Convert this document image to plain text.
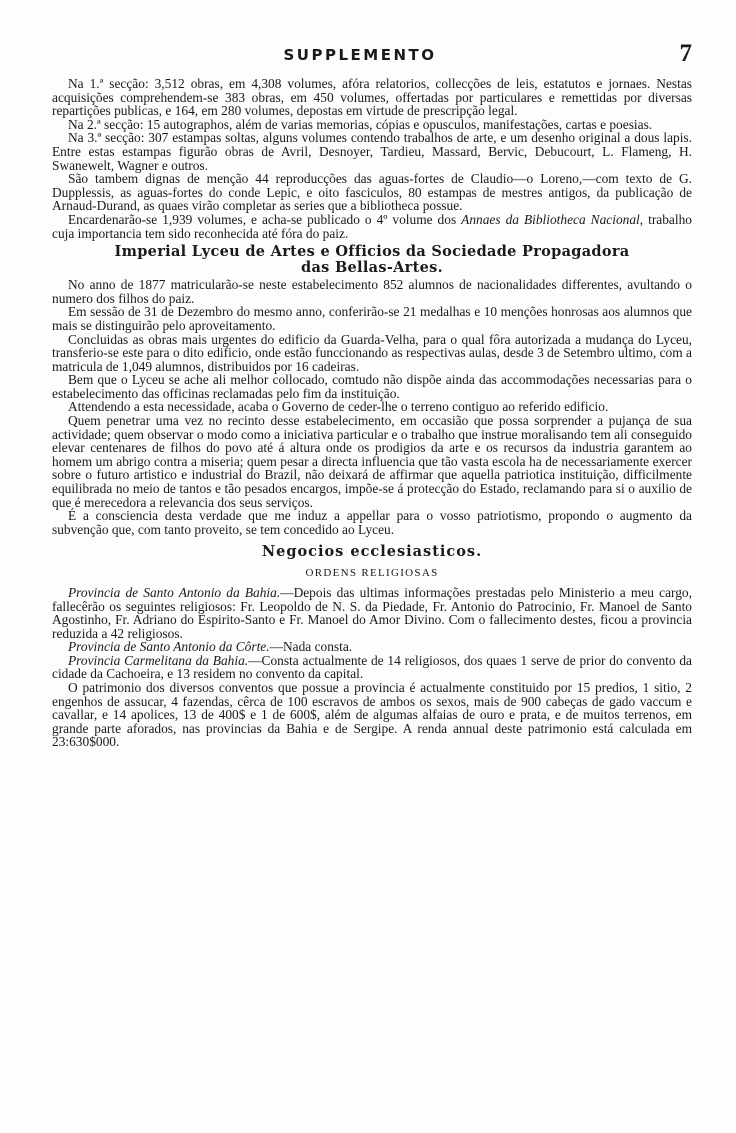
SUPPLEMENTO	7

Na 1.ª secção: 3,512 obras, em 4,308 volumes, afóra relatorios, collecções de leis, estatutos e jornaes. Nestas acquisições comprehendem-se 383 obras, em 450 volumes, offertadas por particulares e remettidas por diversas repartições publicas, e 164, em 280 volumes, depostas em virtude de prescripção legal.

Na 2.ª secção: 15 autographos, além de varias memorias, cópias e opusculos, manifestações, cartas e poesias.

Na 3.ª secção: 307 estampas soltas, alguns volumes contendo trabalhos de arte, e um desenho original a dous lapis. Entre estas estampas figurão obras de Avril, Desnoyer, Tardieu, Massard, Bervic, Debucourt, L. Flameng, H. Swanewelt, Wagner e outros.

São tambem dignas de menção 44 reproducções das aguas-fortes de Claudio—o Loreno,—com texto de G. Dupplessis, as aguas-fortes do conde Lepic, e oito fasciculos, 80 estampas de mestres antigos, da publicação de Arnaud-Durand, as quaes virão completar as series que a bibliotheca possue.

Encardenarão-se 1,939 volumes, e acha-se publicado o 4º volume dos Annaes da Bibliotheca Nacional, trabalho cuja importancia tem sido reconhecida até fóra do paiz.

Imperial Lyceu de Artes e Officios da Sociedade Propagadora
das Bellas-Artes.

No anno de 1877 matricularão-se neste estabelecimento 852 alumnos de nacionalidades differentes, avultando o numero dos filhos do paiz.

Em sessão de 31 de Dezembro do mesmo anno, conferirão-se 21 medalhas e 10 menções honrosas aos alumnos que mais se distinguirão pelo aproveitamento.

Concluidas as obras mais urgentes do edificio da Guarda-Velha, para o qual fôra autorizada a mudança do Lyceu, transferio-se este para o dito edificio, onde estão funccionando as respectivas aulas, desde 3 de Setembro ultimo, com a matricula de 1,049 alumnos, distribuidos por 16 cadeiras.

Bem que o Lyceu se ache ali melhor collocado, comtudo não dispõe ainda das accommodações necessarias para o estabelecimento das officinas reclamadas pelo fim da instituição.

Attendendo a esta necessidade, acaba o Governo de ceder-lhe o terreno contiguo ao referido edificio.

Quem penetrar uma vez no recinto desse estabelecimento, em occasião que possa sorprender a pujança de sua actividade; quem observar o modo como a iniciativa particular e o trabalho que instrue moralisando tem ali conseguido elevar centenares de filhos do povo até á altura onde os prodigios da arte e os recursos da industria garantem ao homem um abrigo contra a miseria; quem pesar a directa influencia que tão vasta escola ha de necessariamente exercer sobre o futuro artistico e industrial do Brazil, não deixará de affirmar que aquella patriotica instituição, difficilmente equilibrada no meio de tantos e tão pesados encargos, impõe-se á protecção do Estado, reclamando para si o auxilio de que é merecedora a relevancia dos seus serviços.

É a consciencia desta verdade que me induz a appellar para o vosso patriotismo, propondo o augmento da subvenção que, com tanto proveito, se tem concedido ao Lyceu.

Negocios ecclesiasticos.
ORDENS RELIGIOSAS

Provincia de Santo Antonio da Bahia.—Depois das ultimas informações prestadas pelo Ministerio a meu cargo, fallecêrão os seguintes religiosos: Fr. Leopoldo de N. S. da Piedade, Fr. Antonio do Patrocinio, Fr. Manoel de Santo Agostinho, Fr. Adriano do Espirito-Santo e Fr. Manoel do Amor Divino. Com o fallecimento destes, ficou a provincia reduzida a 42 religiosos.

Provincia de Santo Antonio da Côrte.—Nada consta.

Provincia Carmelitana da Bahia.—Consta actualmente de 14 religiosos, dos quaes 1 serve de prior do convento da cidade da Cachoeira, e 13 residem no convento da capital.

O patrimonio dos diversos conventos que possue a provincia é actualmente constituido por 15 predios, 1 sitio, 2 engenhos de assucar, 4 fazendas, cêrca de 100 escravos de ambos os sexos, mais de 900 cabeças de gado vaccum e cavallar, e 14 apolices, 13 de 400$ e 1 de 600$, além de algumas alfaias de ouro e prata, e de muitos terrenos, em grande parte aforados, nas provincias da Bahia e de Sergipe. A renda annual deste patrimonio está calculada em 23:630$000.
